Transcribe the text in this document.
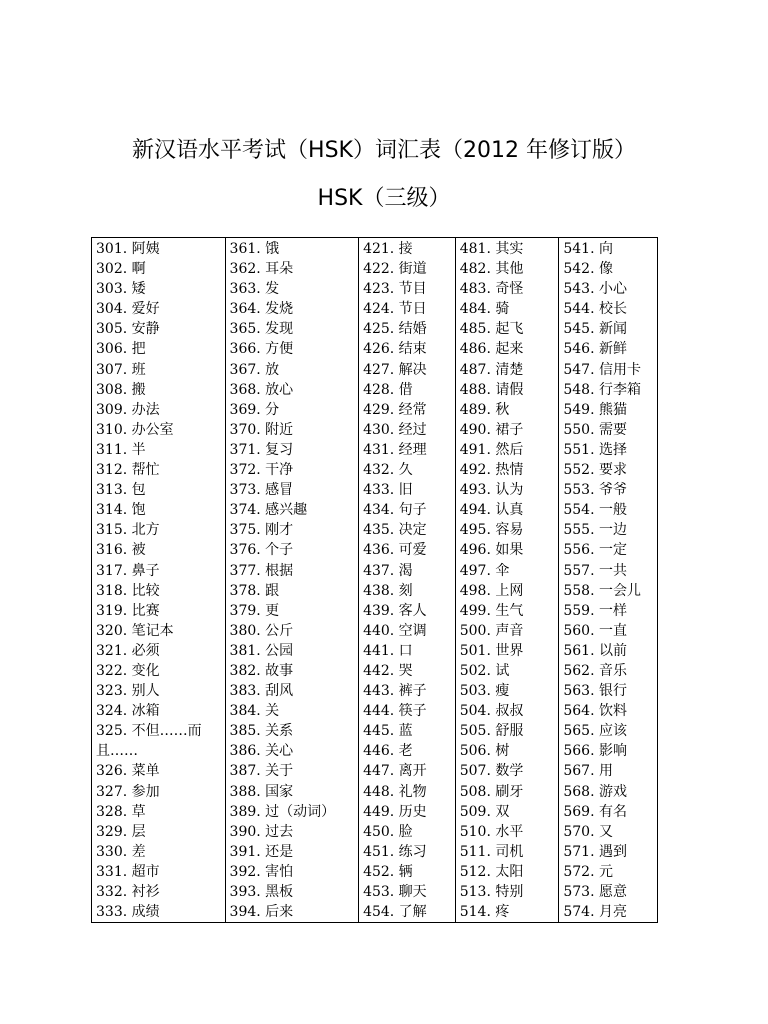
新汉语水平考试（HSK）词汇表（2012 年修订版）
HSK（三级）
301. 阿姨
302. 啊
303. 矮
304. 爱好
305. 安静
306. 把
307. 班
308. 搬
309. 办法
310. 办公室
311. 半
312. 帮忙
313. 包
314. 饱
315. 北方
316. 被
317. 鼻子
318. 比较
319. 比赛
320. 笔记本
321. 必须
322. 变化
323. 别人
324. 冰箱
325. 不但……而且……
326. 菜单
327. 参加
328. 草
329. 层
330. 差
331. 超市
332. 衬衫
333. 成绩
361. 饿
362. 耳朵
363. 发
364. 发烧
365. 发现
366. 方便
367. 放
368. 放心
369. 分
370. 附近
371. 复习
372. 干净
373. 感冒
374. 感兴趣
375. 刚才
376. 个子
377. 根据
378. 跟
379. 更
380. 公斤
381. 公园
382. 故事
383. 刮风
384. 关
385. 关系
386. 关心
387. 关于
388. 国家
389. 过（动词）
390. 过去
391. 还是
392. 害怕
393. 黑板
394. 后来
421. 接
422. 街道
423. 节目
424. 节日
425. 结婚
426. 结束
427. 解决
428. 借
429. 经常
430. 经过
431. 经理
432. 久
433. 旧
434. 句子
435. 决定
436. 可爱
437. 渴
438. 刻
439. 客人
440. 空调
441. 口
442. 哭
443. 裤子
444. 筷子
445. 蓝
446. 老
447. 离开
448. 礼物
449. 历史
450. 脸
451. 练习
452. 辆
453. 聊天
454. 了解
481. 其实
482. 其他
483. 奇怪
484. 骑
485. 起飞
486. 起来
487. 清楚
488. 请假
489. 秋
490. 裙子
491. 然后
492. 热情
493. 认为
494. 认真
495. 容易
496. 如果
497. 伞
498. 上网
499. 生气
500. 声音
501. 世界
502. 试
503. 瘦
504. 叔叔
505. 舒服
506. 树
507. 数学
508. 刷牙
509. 双
510. 水平
511. 司机
512. 太阳
513. 特别
514. 疼
541. 向
542. 像
543. 小心
544. 校长
545. 新闻
546. 新鲜
547. 信用卡
548. 行李箱
549. 熊猫
550. 需要
551. 选择
552. 要求
553. 爷爷
554. 一般
555. 一边
556. 一定
557. 一共
558. 一会儿
559. 一样
560. 一直
561. 以前
562. 音乐
563. 银行
564. 饮料
565. 应该
566. 影响
567. 用
568. 游戏
569. 有名
570. 又
571. 遇到
572. 元
573. 愿意
574. 月亮
